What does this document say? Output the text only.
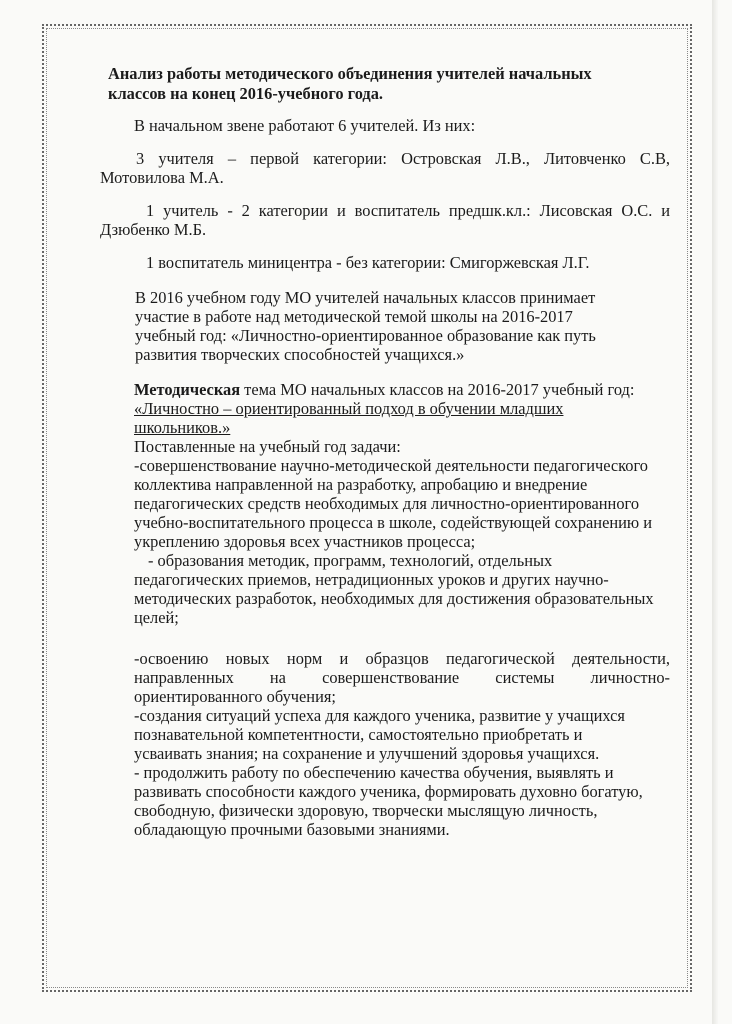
Анализ работы методического объединения учителей начальных классов на конец 2016-учебного года.

В начальном звене работают 6 учителей. Из них:

3 учителя – первой категории: Островская Л.В., Литовченко С.В, Мотовилова М.А.

1 учитель - 2 категории и воспитатель предшк.кл.: Лисовская О.С. и Дзюбенко М.Б.

1 воспитатель миницентра - без категории: Смигоржевская Л.Г.

В 2016 учебном году МО учителей начальных классов принимает участие в работе над методической темой школы на 2016-2017 учебный год: «Личностно-ориентированное образование как путь развития творческих способностей учащихся.»

Методическая тема МО начальных классов на 2016-2017 учебный год:

«Личностно – ориентированный подход в обучении младших школьников.»

Поставленные на учебный год задачи:

-совершенствование научно-методической деятельности педагогического коллектива направленной на разработку, апробацию и внедрение педагогических средств необходимых для личностно-ориентированного учебно-воспитательного процесса в школе, содействующей сохранению и укреплению здоровья всех участников процесса;

- образования методик, программ, технологий, отдельных педагогических приемов, нетрадиционных уроков и других научно-методических разработок, необходимых для достижения образовательных целей;

-освоению новых норм и образцов педагогической деятельности, направленных на совершенствование системы личностно-ориентированного обучения;

-создания ситуаций успеха для каждого ученика, развитие у учащихся познавательной компетентности, самостоятельно приобретать и усваивать знания; на сохранение и улучшений здоровья учащихся.

- продолжить работу по обеспечению качества обучения, выявлять и развивать способности каждого ученика, формировать духовно богатую, свободную, физически здоровую, творчески мыслящую личность, обладающую прочными базовыми знаниями.
